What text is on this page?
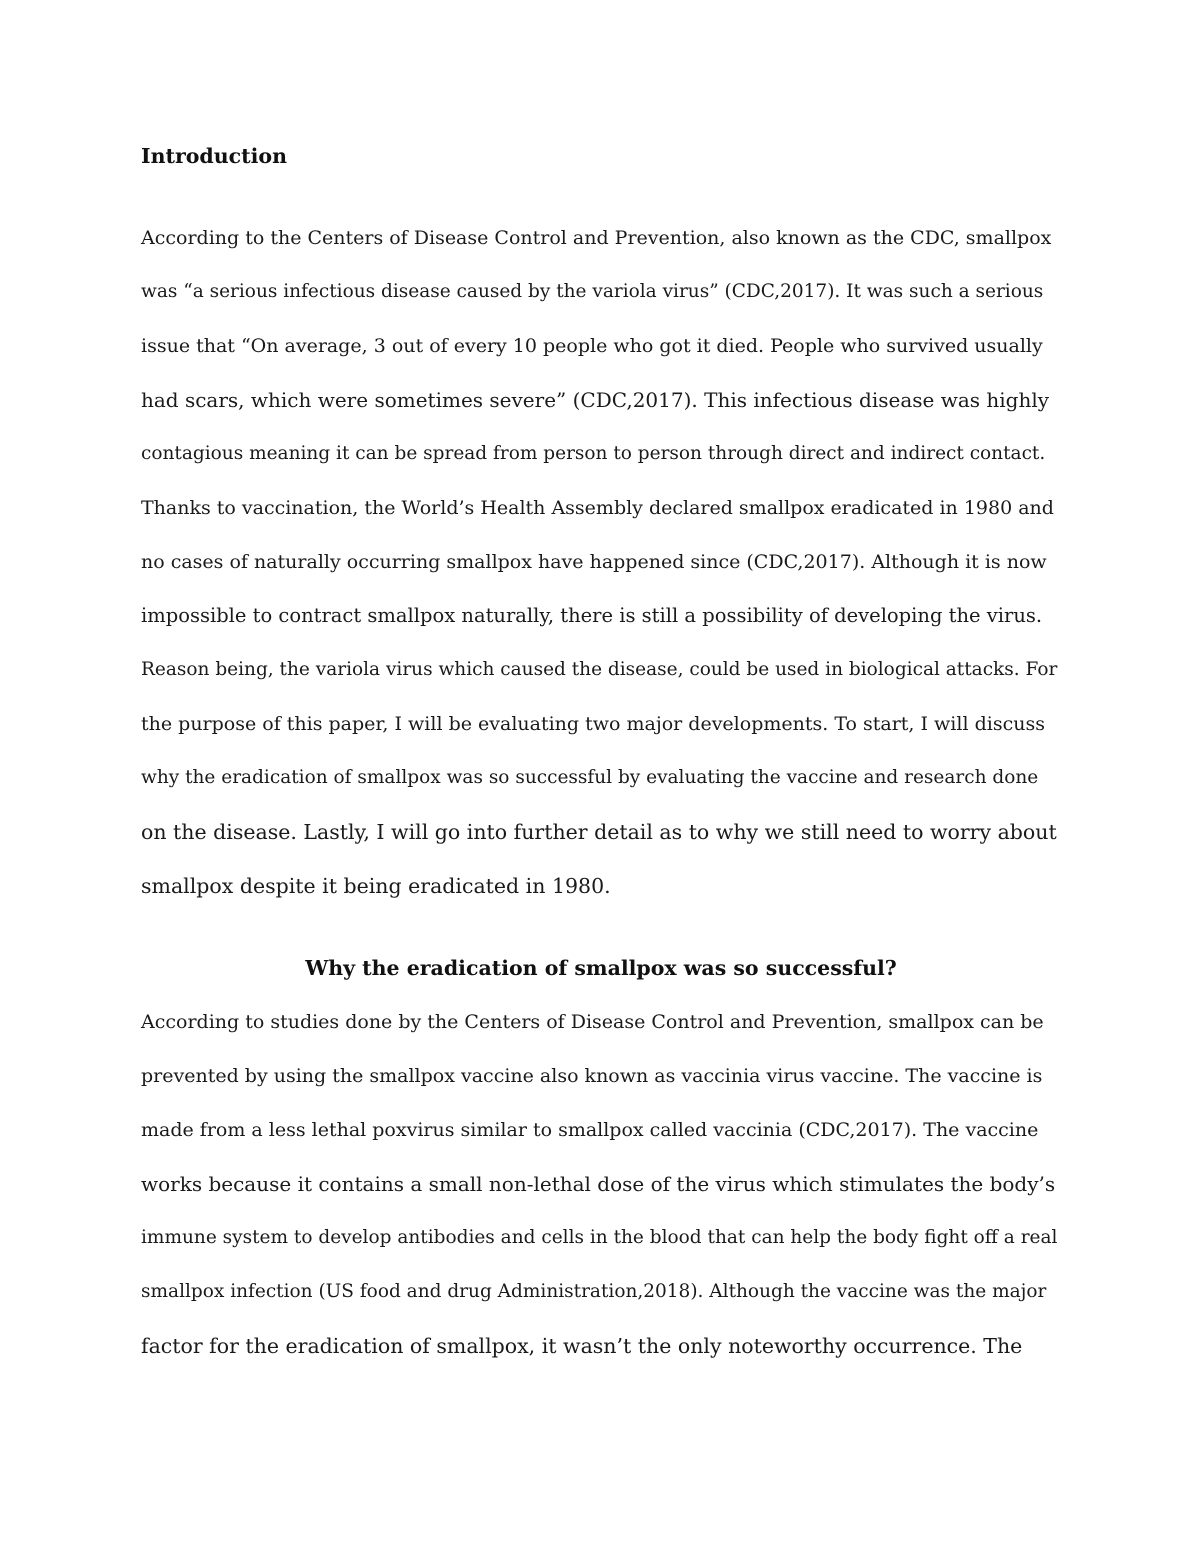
Introduction
According to the Centers of Disease Control and Prevention, also known as the CDC, smallpox
was “a serious infectious disease caused by the variola virus” (CDC,2017). It was such a serious
issue that “On average, 3 out of every 10 people who got it died. People who survived usually
had scars, which were sometimes severe” (CDC,2017). This infectious disease was highly
contagious meaning it can be spread from person to person through direct and indirect contact.
Thanks to vaccination, the World’s Health Assembly declared smallpox eradicated in 1980 and
no cases of naturally occurring smallpox have happened since (CDC,2017). Although it is now
impossible to contract smallpox naturally, there is still a possibility of developing the virus.
Reason being, the variola virus which caused the disease, could be used in biological attacks. For
the purpose of this paper, I will be evaluating two major developments. To start, I will discuss
why the eradication of smallpox was so successful by evaluating the vaccine and research done
on the disease. Lastly, I will go into further detail as to why we still need to worry about
smallpox despite it being eradicated in 1980.
Why the eradication of smallpox was so successful?
According to studies done by the Centers of Disease Control and Prevention, smallpox can be
prevented by using the smallpox vaccine also known as vaccinia virus vaccine. The vaccine is
made from a less lethal poxvirus similar to smallpox called vaccinia (CDC,2017). The vaccine
works because it contains a small non-lethal dose of the virus which stimulates the body’s
immune system to develop antibodies and cells in the blood that can help the body fight off a real
smallpox infection (US food and drug Administration,2018). Although the vaccine was the major
factor for the eradication of smallpox, it wasn’t the only noteworthy occurrence. The
